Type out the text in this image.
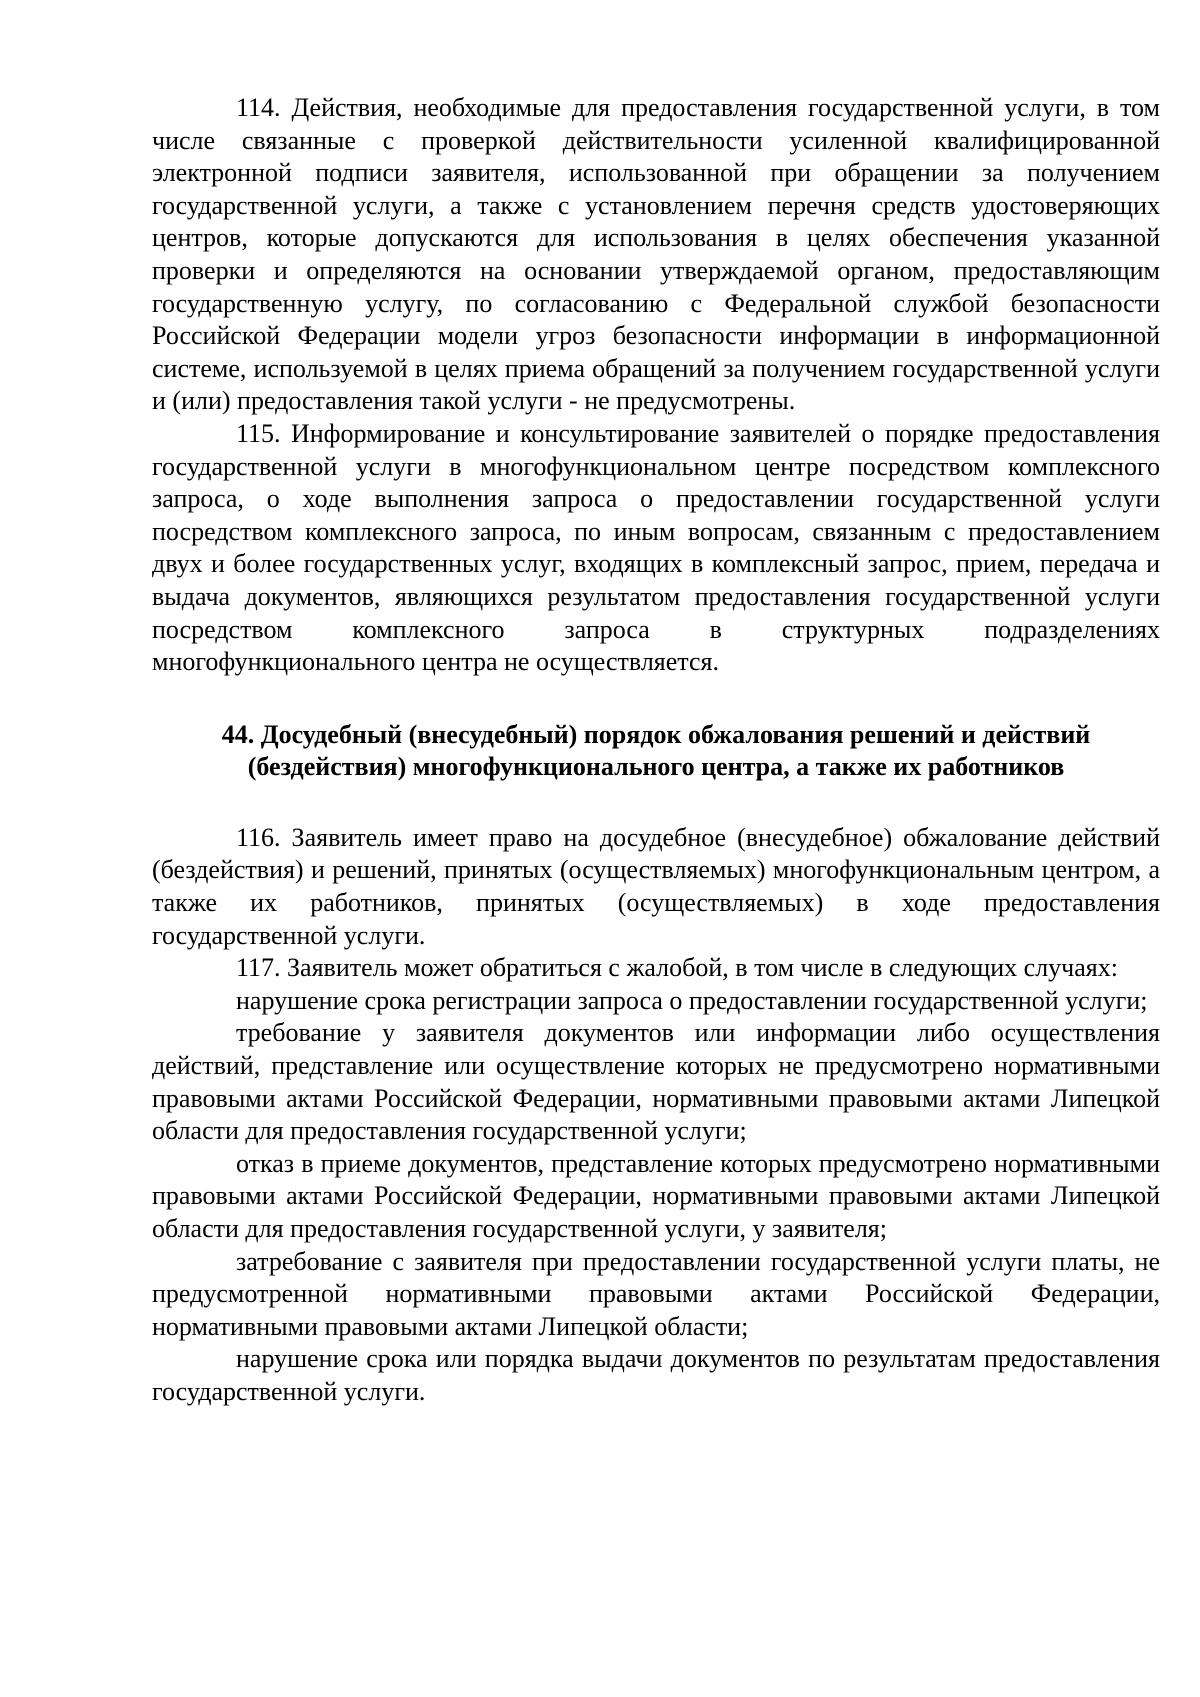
114. Действия, необходимые для предоставления государственной услуги, в том числе связанные с проверкой действительности усиленной квалифицированной электронной подписи заявителя, использованной при обращении за получением государственной услуги, а также с установлением перечня средств удостоверяющих центров, которые допускаются для использования в целях обеспечения указанной проверки и определяются на основании утверждаемой органом, предоставляющим государственную услугу, по согласованию с Федеральной службой безопасности Российской Федерации модели угроз безопасности информации в информационной системе, используемой в целях приема обращений за получением государственной услуги и (или) предоставления такой услуги - не предусмотрены.

115. Информирование и консультирование заявителей о порядке предоставления государственной услуги в многофункциональном центре посредством комплексного запроса, о ходе выполнения запроса о предоставлении государственной услуги посредством комплексного запроса, по иным вопросам, связанным с предоставлением двух и более государственных услуг, входящих в комплексный запрос, прием, передача и выдача документов, являющихся результатом предоставления государственной услуги посредством комплексного запроса в структурных подразделениях многофункционального центра не осуществляется.

44. Досудебный (внесудебный) порядок обжалования решений и действий
(бездействия) многофункционального центра, а также их работников

116. Заявитель имеет право на досудебное (внесудебное) обжалование действий (бездействия) и решений, принятых (осуществляемых) многофункциональным центром, а также их работников, принятых (осуществляемых) в ходе предоставления государственной услуги.

117. Заявитель может обратиться с жалобой, в том числе в следующих случаях:

нарушение срока регистрации запроса о предоставлении государственной услуги;

требование у заявителя документов или информации либо осуществления действий, представление или осуществление которых не предусмотрено нормативными правовыми актами Российской Федерации, нормативными правовыми актами Липецкой области для предоставления государственной услуги;

отказ в приеме документов, представление которых предусмотрено нормативными правовыми актами Российской Федерации, нормативными правовыми актами Липецкой области для предоставления государственной услуги, у заявителя;

затребование с заявителя при предоставлении государственной услуги платы, не предусмотренной нормативными правовыми актами Российской Федерации, нормативными правовыми актами Липецкой области;

нарушение срока или порядка выдачи документов по результатам предоставления государственной услуги.
